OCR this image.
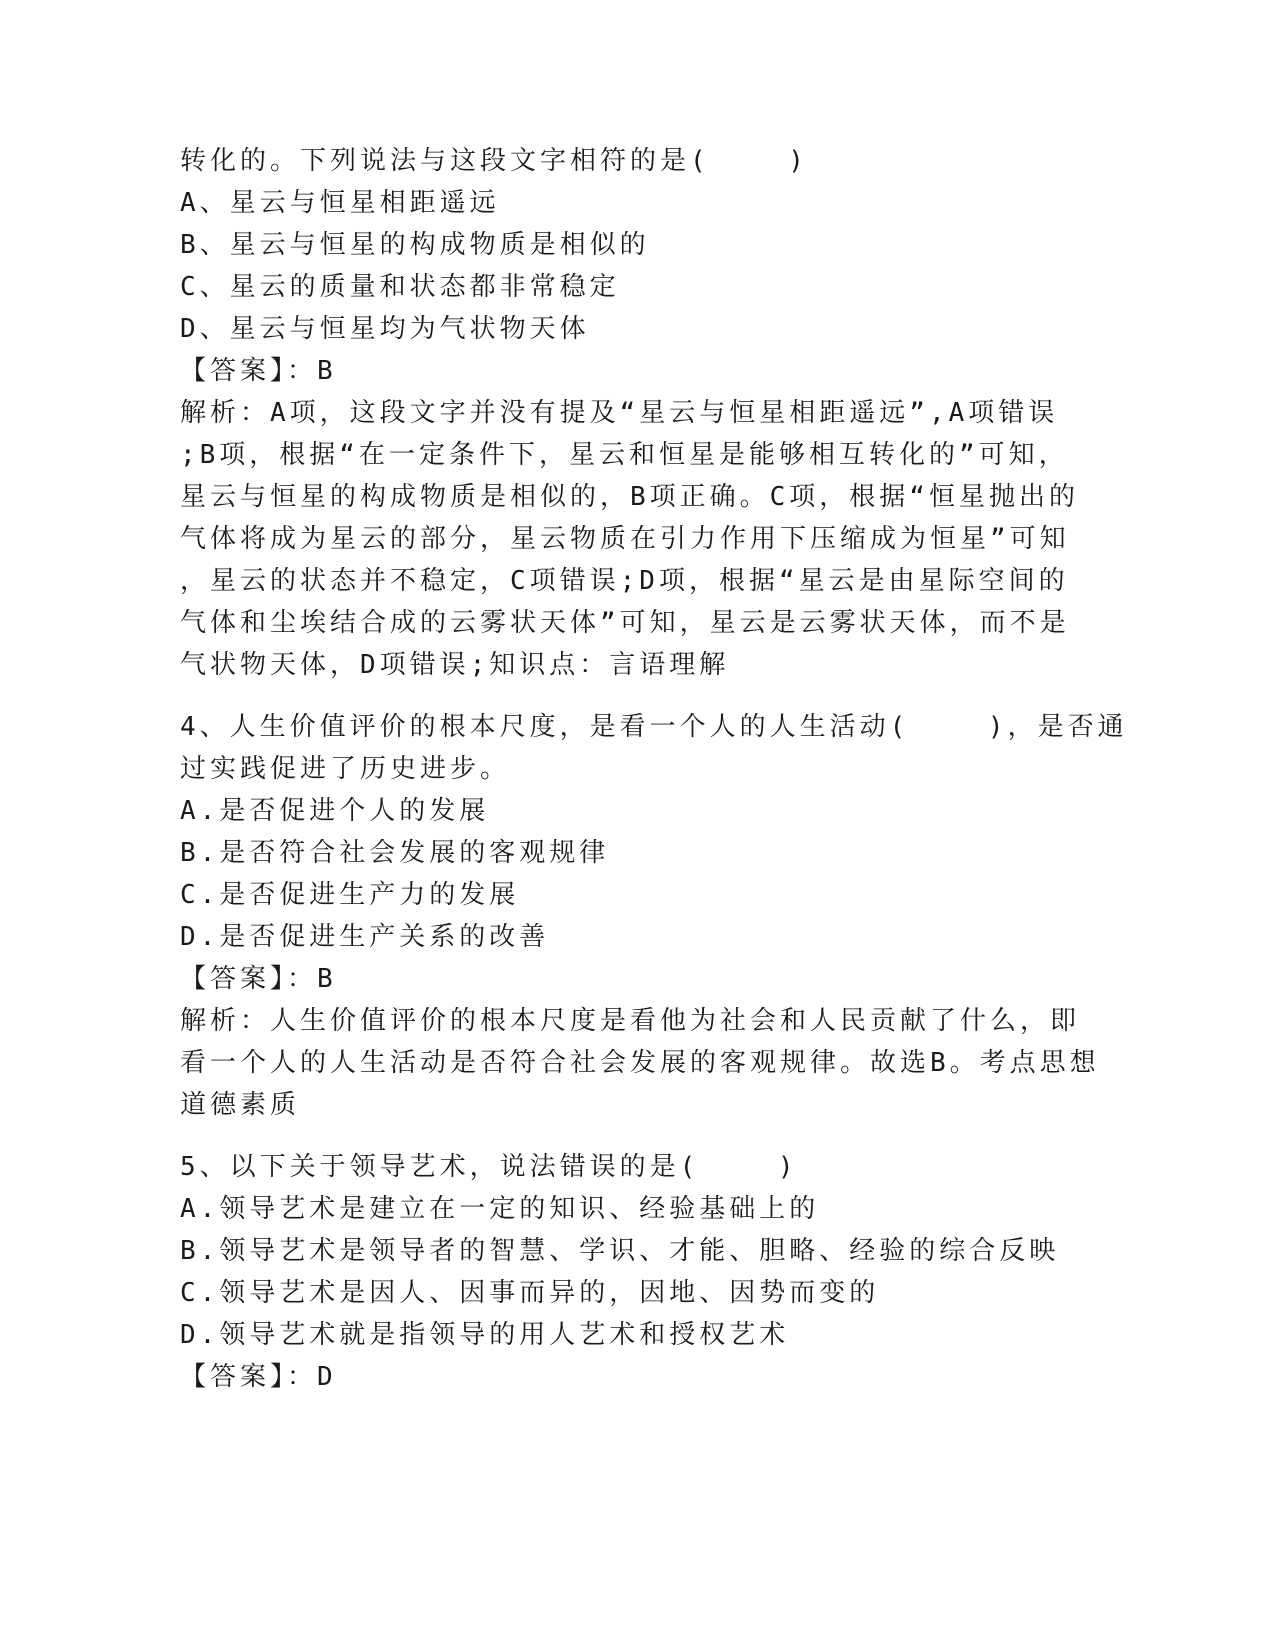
转化的。下列说法与这段文字相符的是(    )
A、星云与恒星相距遥远
B、星云与恒星的构成物质是相似的
C、星云的质量和状态都非常稳定
D、星云与恒星均为气状物天体
【答案】：B
解析：A项，这段文字并没有提及“星云与恒星相距遥远”,A项错误
;B项，根据“在一定条件下，星云和恒星是能够相互转化的”可知，
星云与恒星的构成物质是相似的，B项正确。C项，根据“恒星抛出的
气体将成为星云的部分，星云物质在引力作用下压缩成为恒星”可知
，星云的状态并不稳定，C项错误;D项，根据“星云是由星际空间的
气体和尘埃结合成的云雾状天体”可知，星云是云雾状天体，而不是
气状物天体，D项错误;知识点：言语理解
4、人生价值评价的根本尺度，是看一个人的人生活动(    )，是否通
过实践促进了历史进步。
A.是否促进个人的发展
B.是否符合社会发展的客观规律
C.是否促进生产力的发展
D.是否促进生产关系的改善
【答案】：B
解析：人生价值评价的根本尺度是看他为社会和人民贡献了什么，即
看一个人的人生活动是否符合社会发展的客观规律。故选B。考点思想
道德素质
5、以下关于领导艺术，说法错误的是(    )
A.领导艺术是建立在一定的知识、经验基础上的
B.领导艺术是领导者的智慧、学识、才能、胆略、经验的综合反映
C.领导艺术是因人、因事而异的，因地、因势而变的
D.领导艺术就是指领导的用人艺术和授权艺术
【答案】：D
